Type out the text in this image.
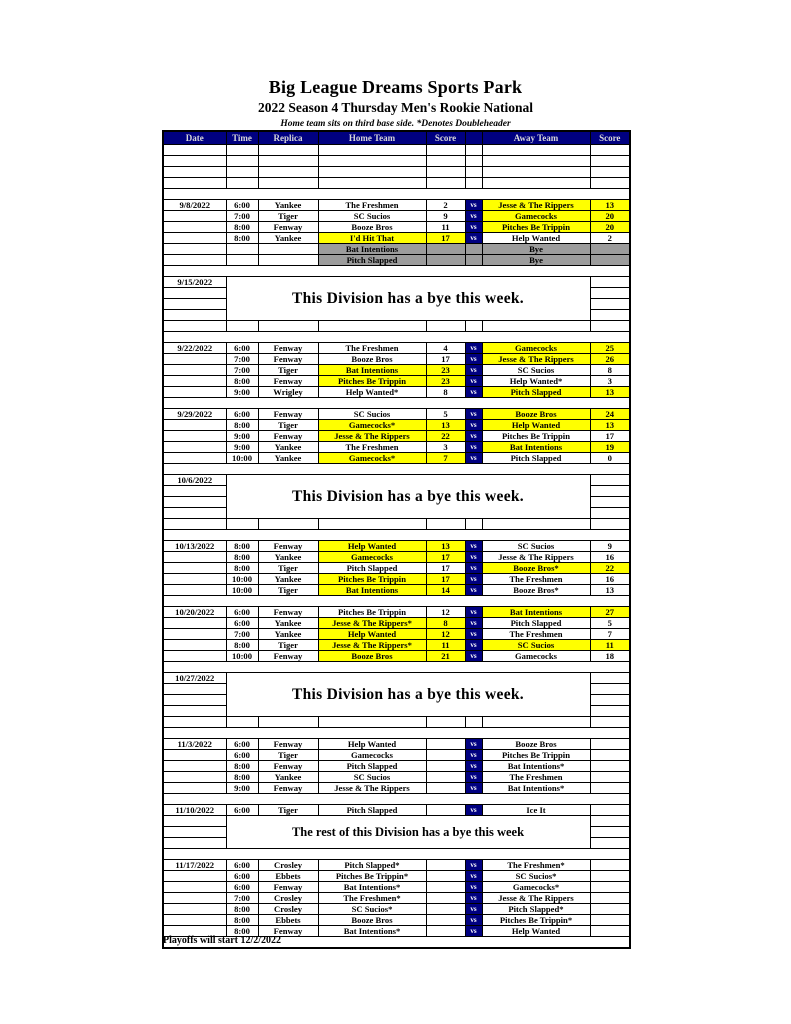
Big League Dreams Sports Park
2022 Season 4 Thursday Men's Rookie National
Home team sits on third base side. *Denotes Doubleheader
Date	Time	Replica	Home Team	Score		Away Team	Score

9/8/2022	6:00	Yankee	The Freshmen	2	vs	Jesse & The Rippers	13
	7:00	Tiger	SC Sucios	9	vs	Gamecocks	20
	8:00	Fenway	Booze Bros	11	vs	Pitches Be Trippin	20
	8:00	Yankee	I'd Hit That	17	vs	Help Wanted	2
			Bat Intentions			Bye	
			Pitch Slapped			Bye	

9/15/2022	This Division has a bye this week.						

9/22/2022	6:00	Fenway	The Freshmen	4	vs	Gamecocks	25
	7:00	Fenway	Booze Bros	17	vs	Jesse & The Rippers	26
	7:00	Tiger	Bat Intentions	23	vs	SC Sucios	8
	8:00	Fenway	Pitches Be Trippin	23	vs	Help Wanted*	3
	9:00	Wrigley	Help Wanted*	8	vs	Pitch Slapped	13

9/29/2022	6:00	Fenway	SC Sucios	5	vs	Booze Bros	24
	8:00	Tiger	Gamecocks*	13	vs	Help Wanted	13
	9:00	Fenway	Jesse & The Rippers	22	vs	Pitches Be Trippin	17
	9:00	Yankee	The Freshmen	3	vs	Bat Intentions	19
	10:00	Yankee	Gamecocks*	7	vs	Pitch Slapped	0

10/6/2022	This Division has a bye this week.						

10/13/2022	8:00	Fenway	Help Wanted	13	vs	SC Sucios	9
	8:00	Yankee	Gamecocks	17	vs	Jesse & The Rippers	16
	8:00	Tiger	Pitch Slapped	17	vs	Booze Bros*	22
	10:00	Yankee	Pitches Be Trippin	17	vs	The Freshmen	16
	10:00	Tiger	Bat Intentions	14	vs	Booze Bros*	13

10/20/2022	6:00	Fenway	Pitches Be Trippin	12	vs	Bat Intentions	27
	6:00	Yankee	Jesse & The Rippers*	8	vs	Pitch Slapped	5
	7:00	Yankee	Help Wanted	12	vs	The Freshmen	7
	8:00	Tiger	Jesse & The Rippers*	11	vs	SC Sucios	11
	10:00	Fenway	Booze Bros	21	vs	Gamecocks	18

10/27/2022	This Division has a bye this week.						

11/3/2022	6:00	Fenway	Help Wanted		vs	Booze Bros	
	6:00	Tiger	Gamecocks		vs	Pitches Be Trippin	
	8:00	Fenway	Pitch Slapped		vs	Bat Intentions*	
	8:00	Yankee	SC Sucios		vs	The Freshmen	
	9:00	Fenway	Jesse & The Rippers		vs	Bat Intentions*	

11/10/2022	6:00	Tiger	Pitch Slapped		vs	Ice It	
	The rest of this Division has a bye this week						

11/17/2022	6:00	Crosley	Pitch Slapped*		vs	The Freshmen*	
	6:00	Ebbets	Pitches Be Trippin*		vs	SC Sucios*	
	6:00	Fenway	Bat Intentions*		vs	Gamecocks*	
	7:00	Crosley	The Freshmen*		vs	Jesse & The Rippers	
	8:00	Crosley	SC Sucios*		vs	Pitch Slapped*	
	8:00	Ebbets	Booze Bros		vs	Pitches Be Trippin*	
	8:00	Fenway	Bat Intentions*		vs	Help Wanted	

Playoffs will start 12/2/2022
